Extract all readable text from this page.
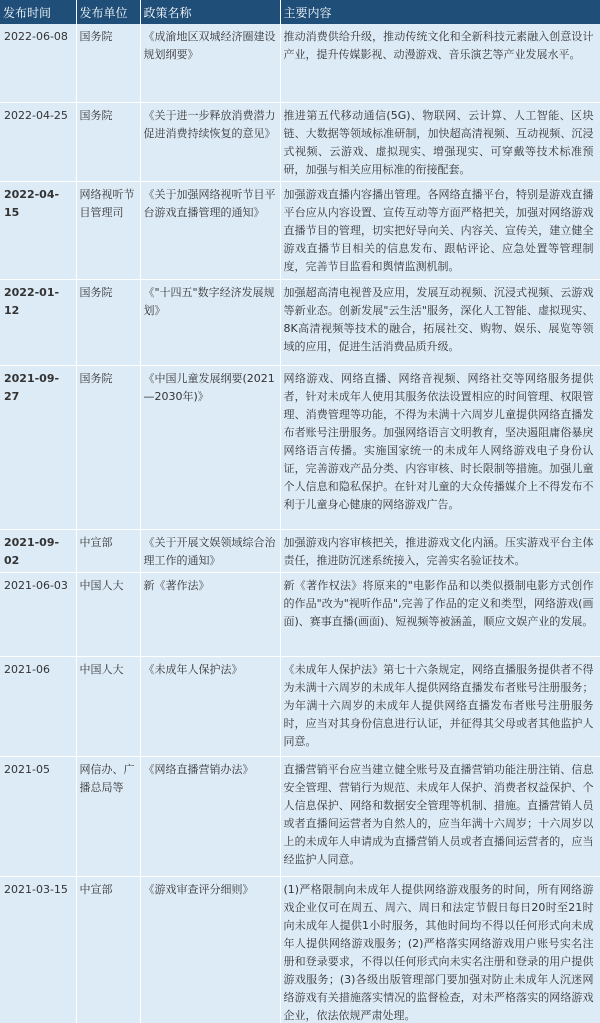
发布时间	发布单位	政策名称	主要内容
2022-06-08	国务院	《成渝地区双城经济圈建设规划纲要》	推动消费供给升级，推动传统文化和全新科技元素融入创意设计产业，提升传媒影视、动漫游戏、音乐演艺等产业发展水平。
2022-04-25	国务院	《关于进一步释放消费潜力促进消费持续恢复的意见》	推进第五代移动通信(5G)、物联网、云计算、人工智能、区块链、大数据等领域标准研制，加快超高清视频、互动视频、沉浸式视频、云游戏、虚拟现实、增强现实、可穿戴等技术标准预研，加强与相关应用标准的衔接配套。
2022-04-15	网络视听节目管理司	《关于加强网络视听节目平台游戏直播管理的通知》	加强游戏直播内容播出管理。各网络直播平台，特别是游戏直播平台应从内容设置、宣传互动等方面严格把关，加强对网络游戏直播节目的管理，切实把好导向关、内容关、宣传关，建立健全游戏直播节目相关的信息发布、跟帖评论、应急处置等管理制度，完善节目监看和舆情监测机制。
2022-01-12	国务院	《"十四五"数字经济发展规划》	加强超高清电视普及应用，发展互动视频、沉浸式视频、云游戏等新业态。创新发展"云生活"服务，深化人工智能、虚拟现实、8K高清视频等技术的融合，拓展社交、购物、娱乐、展览等领域的应用，促进生活消费品质升级。
2021-09-27	国务院	《中国儿童发展纲要(2021—2030年)》	网络游戏、网络直播、网络音视频、网络社交等网络服务提供者，针对未成年人使用其服务依法设置相应的时间管理、权限管理、消费管理等功能，不得为未满十六周岁儿童提供网络直播发布者账号注册服务。加强网络语言文明教育，坚决遏阻庸俗暴戾网络语言传播。实施国家统一的未成年人网络游戏电子身份认证，完善游戏产品分类、内容审核、时长限制等措施。加强儿童个人信息和隐私保护。在针对儿童的大众传播媒介上不得发布不利于儿童身心健康的网络游戏广告。
2021-09-02	中宣部	《关于开展文娱领域综合治理工作的通知》	加强游戏内容审核把关，推进游戏文化内涵。压实游戏平台主体责任，推进防沉迷系统接入，完善实名验证技术。
2021-06-03	中国人大	新《著作法》	新《著作权法》将原来的"电影作品和以类似摄制电影方式创作的作品"改为"视听作品",完善了作品的定义和类型，网络游戏(画面)、赛事直播(画面)、短视频等被涵盖，顺应文娱产业的发展。
2021-06	中国人大	《未成年人保护法》	《未成年人保护法》第七十六条规定，网络直播服务提供者不得为未满十六周岁的未成年人提供网络直播发布者账号注册服务；为年满十六周岁的未成年人提供网络直播发布者账号注册服务时，应当对其身份信息进行认证，并征得其父母或者其他监护人同意。
2021-05	网信办、广播总局等	《网络直播营销办法》	直播营销平台应当建立健全账号及直播营销功能注册注销、信息安全管理、营销行为规范、未成年人保护、消费者权益保护、个人信息保护、网络和数据安全管理等机制、措施。直播营销人员或者直播间运营者为自然人的，应当年满十六周岁；十六周岁以上的未成年人申请成为直播营销人员或者直播间运营者的，应当经监护人同意。
2021-03-15	中宣部	《游戏审查评分细则》	(1)严格限制向未成年人提供网络游戏服务的时间，所有网络游戏企业仅可在周五、周六、周日和法定节假日每日20时至21时向未成年人提供1小时服务，其他时间均不得以任何形式向未成年人提供网络游戏服务；(2)严格落实网络游戏用户账号实名注册和登录要求，不得以任何形式向未实名注册和登录的用户提供游戏服务；(3)各级出版管理部门要加强对防止未成年人沉迷网络游戏有关措施落实情况的监督检查，对未严格落实的网络游戏企业，依法依规严肃处理。
